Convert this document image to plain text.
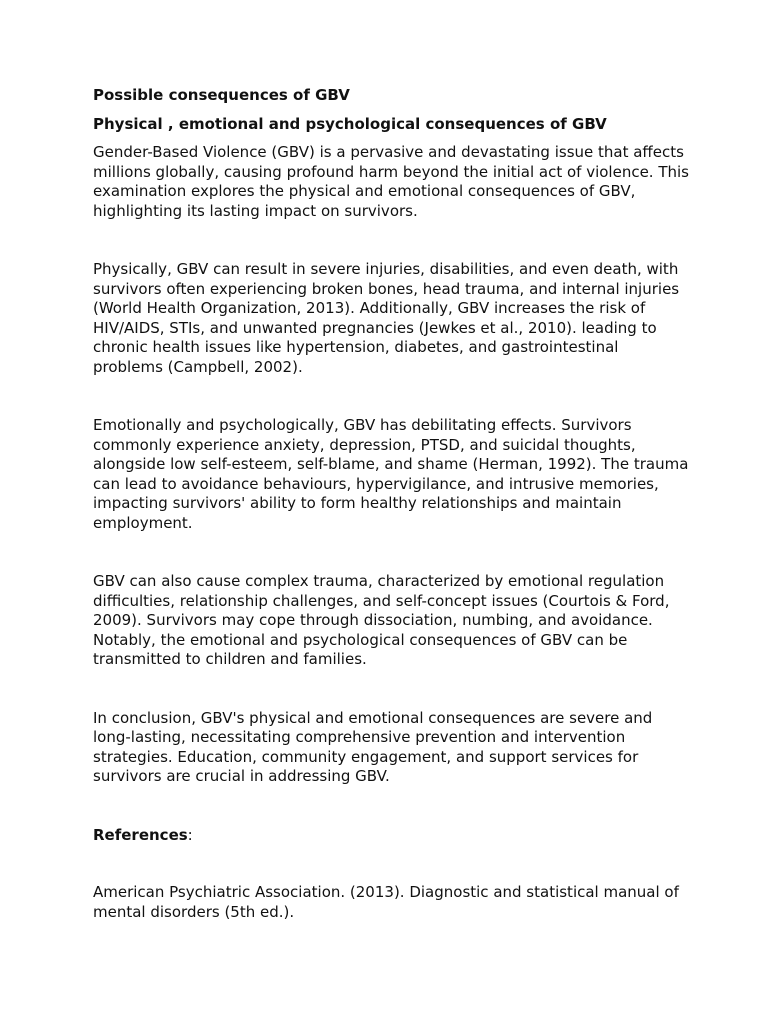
Possible consequences of GBV

Physical , emotional and psychological consequences of GBV

Gender-Based Violence (GBV) is a pervasive and devastating issue that affects millions globally, causing profound harm beyond the initial act of violence. This examination explores the physical and emotional consequences of GBV, highlighting its lasting impact on survivors.

Physically, GBV can result in severe injuries, disabilities, and even death, with survivors often experiencing broken bones, head trauma, and internal injuries (World Health Organization, 2013). Additionally, GBV increases the risk of HIV/AIDS, STIs, and unwanted pregnancies (Jewkes et al., 2010). leading to chronic health issues like hypertension, diabetes, and gastrointestinal problems (Campbell, 2002).

Emotionally and psychologically, GBV has debilitating effects. Survivors commonly experience anxiety, depression, PTSD, and suicidal thoughts, alongside low self-esteem, self-blame, and shame (Herman, 1992). The trauma can lead to avoidance behaviours, hypervigilance, and intrusive memories, impacting survivors' ability to form healthy relationships and maintain employment.

GBV can also cause complex trauma, characterized by emotional regulation difficulties, relationship challenges, and self-concept issues (Courtois & Ford, 2009). Survivors may cope through dissociation, numbing, and avoidance. Notably, the emotional and psychological consequences of GBV can be transmitted to children and families.

In conclusion, GBV's physical and emotional consequences are severe and long-lasting, necessitating comprehensive prevention and intervention strategies. Education, community engagement, and support services for survivors are crucial in addressing GBV.

References:

American Psychiatric Association. (2013). Diagnostic and statistical manual of mental disorders (5th ed.).
